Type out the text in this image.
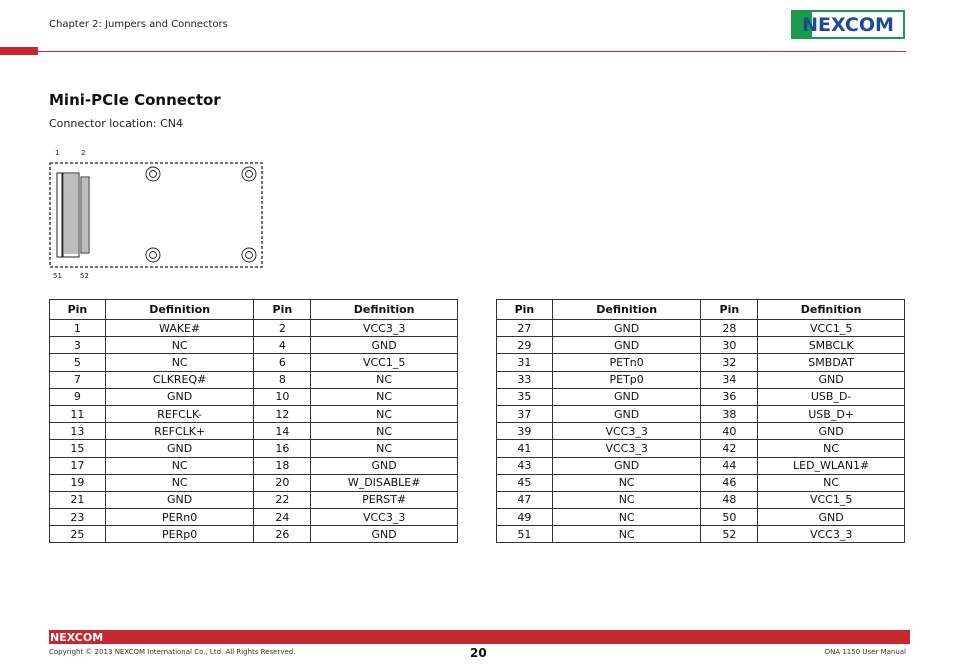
Chapter 2: Jumpers and Connectors	NEXCOM
Mini-PCIe Connector
Connector location: CN4
1	2
51	52
Pin	Definition	Pin	Definition
1	WAKE#	2	VCC3_3
3	NC	4	GND
5	NC	6	VCC1_5
7	CLKREQ#	8	NC
9	GND	10	NC
11	REFCLK-	12	NC
13	REFCLK+	14	NC
15	GND	16	NC
17	NC	18	GND
19	NC	20	W_DISABLE#
21	GND	22	PERST#
23	PERn0	24	VCC3_3
25	PERp0	26	GND
Pin	Definition	Pin	Definition
27	GND	28	VCC1_5
29	GND	30	SMBCLK
31	PETn0	32	SMBDAT
33	PETp0	34	GND
35	GND	36	USB_D-
37	GND	38	USB_D+
39	VCC3_3	40	GND
41	VCC3_3	42	NC
43	GND	44	LED_WLAN1#
45	NC	46	NC
47	NC	48	VCC1_5
49	NC	50	GND
51	NC	52	VCC3_3
NEXCOM
Copyright © 2013 NEXCOM International Co., Ltd. All Rights Reserved.	20	DNA 1150 User Manual
